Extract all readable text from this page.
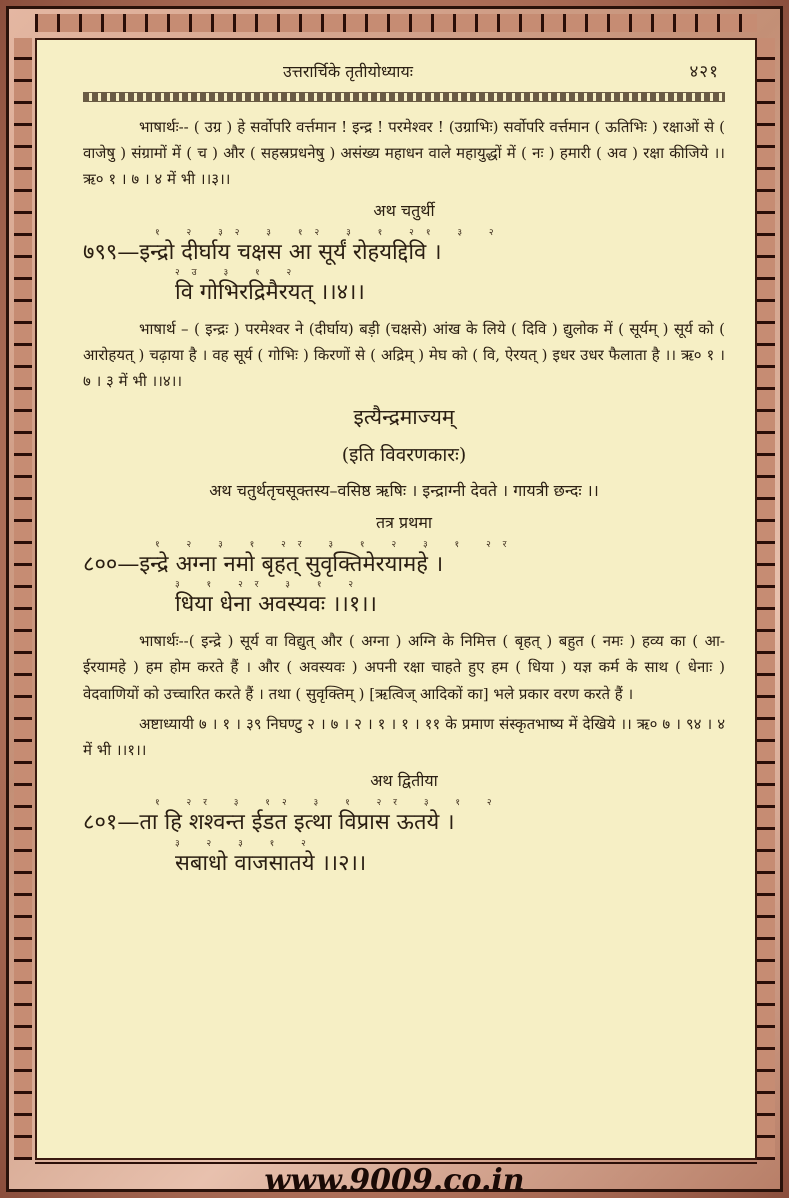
उत्तरार्चिके तृतीयोध्यायः	४२१

भाषार्थः-- ( उग्र ) हे सर्वोपरि वर्त्तमान ! इन्द्र ! परमेश्वर ! (उग्राभिः) सर्वोपरि वर्त्तमान ( ऊतिभिः ) रक्षाओं से ( वाजेषु ) संग्रामों में ( च ) और ( सहस्रप्रधनेषु ) असंख्य महाधन वाले महायुद्धों में ( नः ) हमारी ( अव ) रक्षा कीजिये ।। ऋ० १ । ७ । ४ में भी ।।३।।

अथ चतुर्थी
१ २ ३२ ३ १२ ३ १ २१ ३ २

७९९—इन्द्रो दीर्घाय चक्षस आ सूर्यं रोहयद्दिवि ।

२उ ३ १ २

वि गोभिरद्रिमैरयत् ।।४।।

भाषार्थ – ( इन्द्रः ) परमेश्वर ने (दीर्घाय) बड़ी (चक्षसे) आंख के लिये ( दिवि ) द्युलोक में ( सूर्यम् ) सूर्य को ( आरोहयत् ) चढ़ाया है । वह सूर्य ( गोभिः ) किरणों से ( अद्रिम् ) मेघ को ( वि, ऐरयत् ) इधर उधर फैलाता है ।। ऋ० १ । ७ । ३ में भी ।।४।।

इत्यैन्द्रमाज्यम्
(इति विवरणकारः)
अथ चतुर्थतृचसूक्तस्य–वसिष्ठ ऋषिः । इन्द्राग्नी देवते । गायत्री छन्दः ।।
तत्र प्रथमा
१ २ ३ १ २र ३ १ २ ३ १ २र

८००—इन्द्रे अग्ना नमो बृहत् सुवृक्तिमेरयामहे ।

३ १ २र ३ १ २

धिया धेना अवस्यवः ।।१।।

भाषार्थः--( इन्द्रे ) सूर्य वा विद्युत् और ( अग्ना ) अग्नि के निमित्त ( बृहत् ) बहुत ( नमः ) हव्य का ( आ-ईरयामहे ) हम होम करते हैं । और ( अवस्यवः ) अपनी रक्षा चाहते हुए हम ( धिया ) यज्ञ कर्म के साथ ( धेनाः ) वेदवाणियों को उच्चारित करते हैं । तथा ( सुवृक्तिम् ) [ऋत्विज् आदिकों का] भले प्रकार वरण करते हैं ।

अष्टाध्यायी ७ । १ । ३९ निघण्टु २ । ७ । २ । १ । १ । ११ के प्रमाण संस्कृतभाष्य में देखिये ।। ऋ० ७ । ९४ । ४ में भी ।।१।।

अथ द्वितीया
१ २र ३ १२ ३ १ २र ३ १ २

८०१—ता हि शश्वन्त ईडत इत्था विप्रास ऊतये ।

३ २ ३ १ २

सबाधो वाजसातये ।।२।।

www.9009.co.in
